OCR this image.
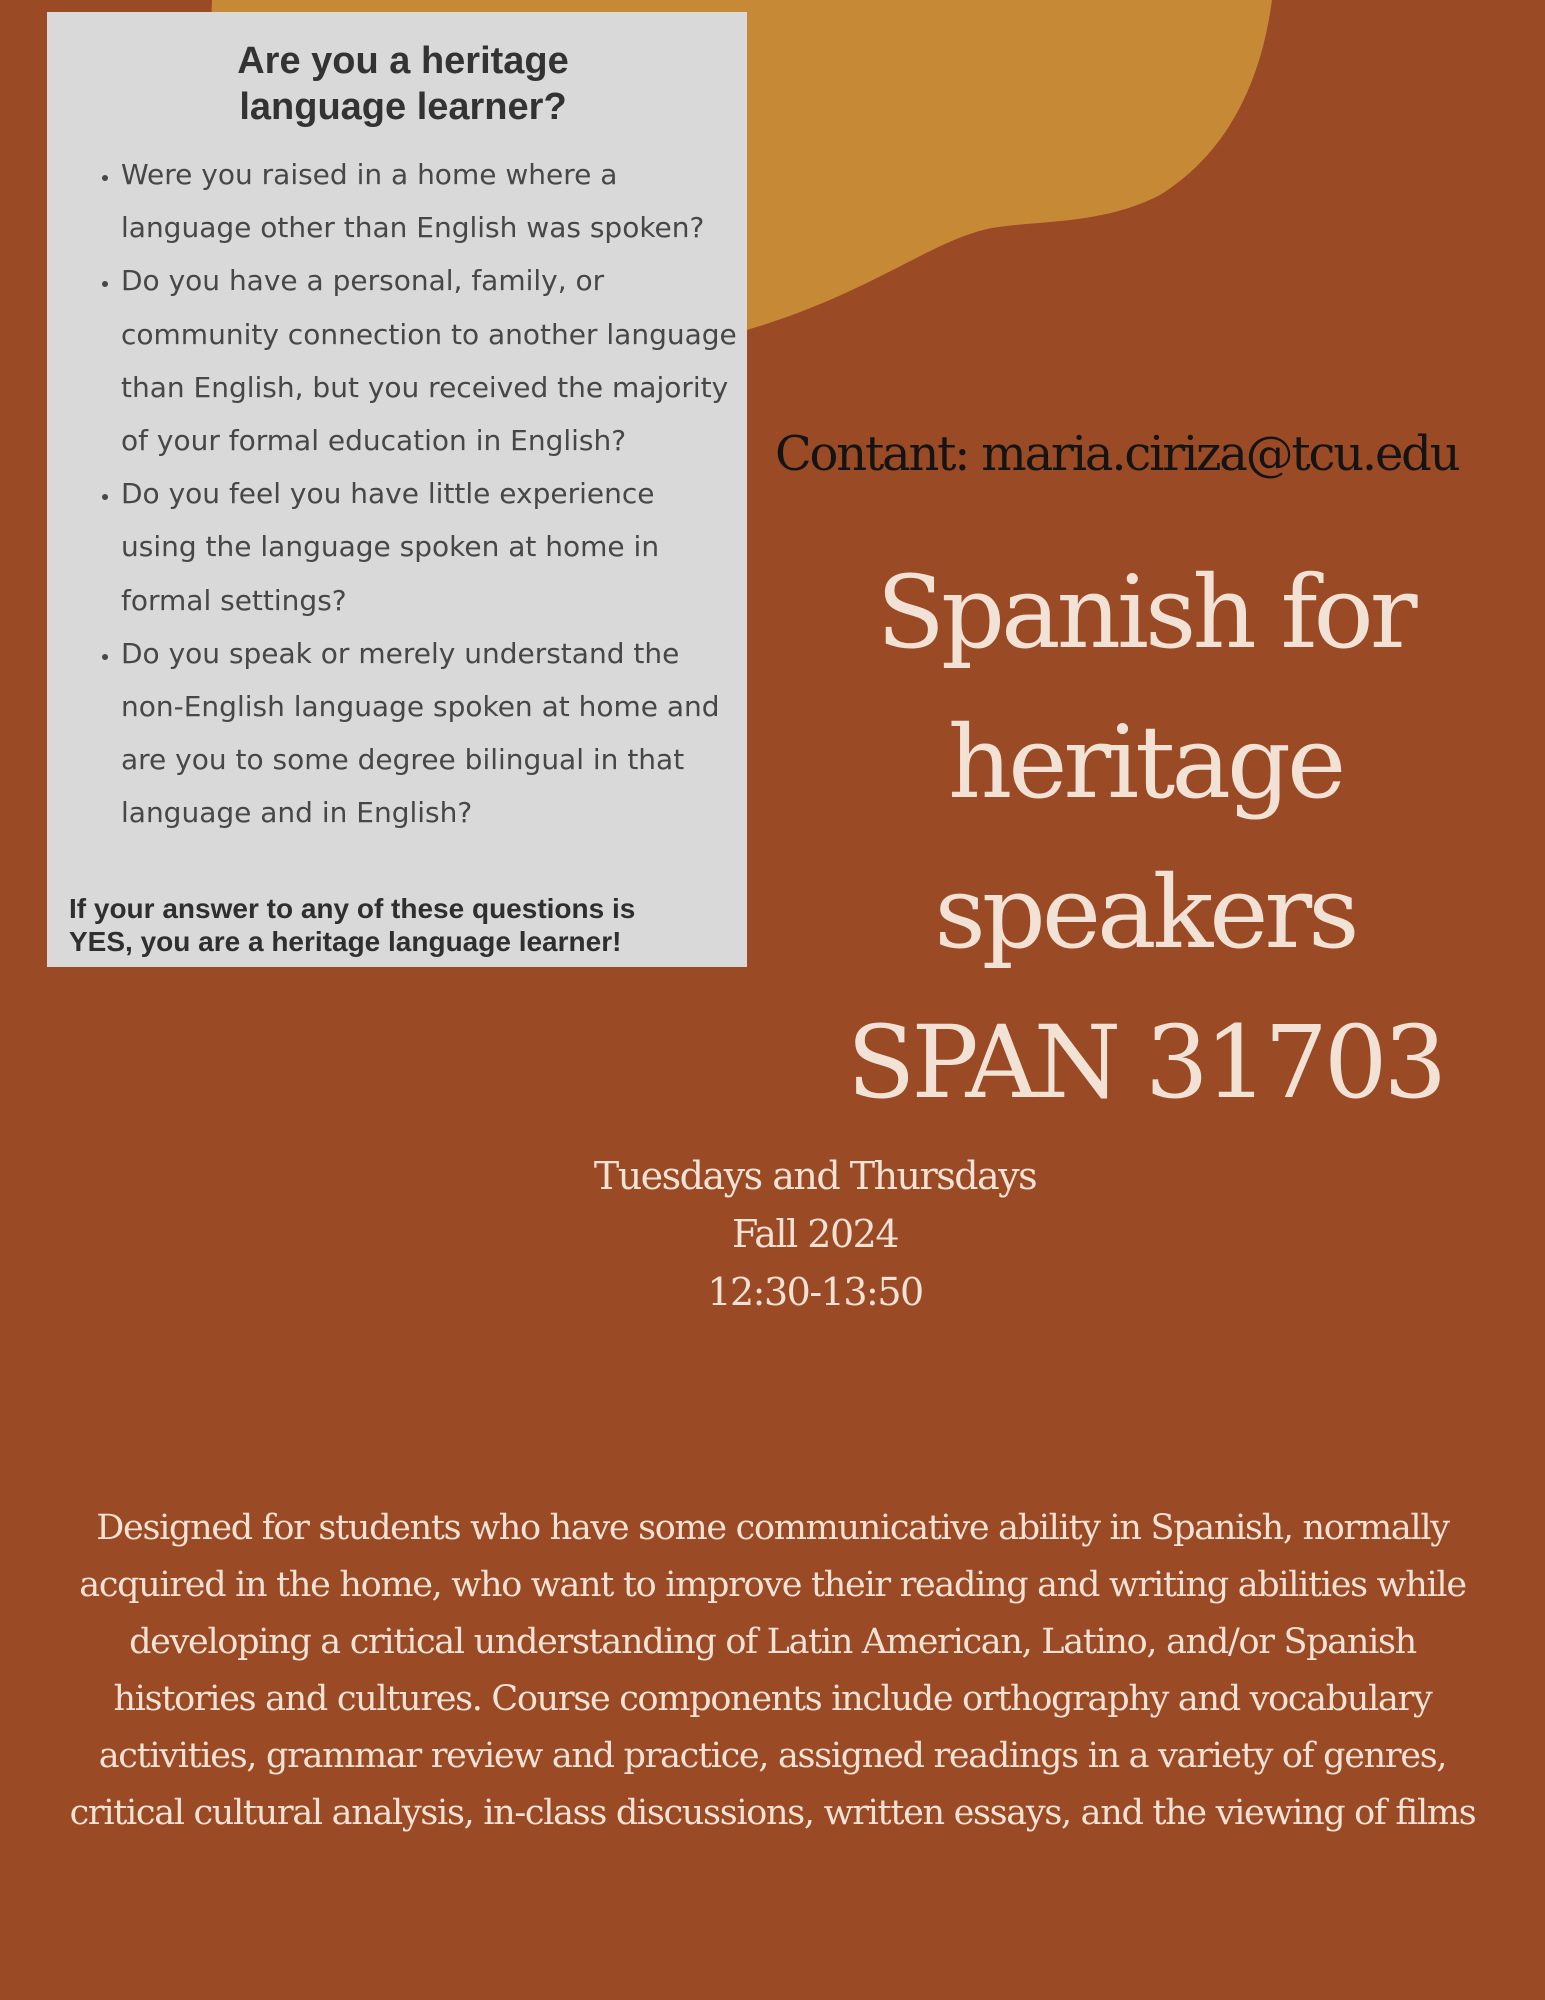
Are you a heritage
language learner?
• Were you raised in a home where a language other than English was spoken?
• Do you have a personal, family, or community connection to another language than English, but you received the majority of your formal education in English?
• Do you feel you have little experience using the language spoken at home in formal settings?
• Do you speak or merely understand the non-English language spoken at home and are you to some degree bilingual in that language and in English?
If your answer to any of these questions is
YES, you are a heritage language learner!
Contant: maria.ciriza@tcu.edu
Spanish for
heritage
speakers
SPAN 31703
Tuesdays and Thursdays
Fall 2024
12:30-13:50
Designed for students who have some communicative ability in Spanish, normally
acquired in the home, who want to improve their reading and writing abilities while
developing a critical understanding of Latin American, Latino, and/or Spanish
histories and cultures. Course components include orthography and vocabulary
activities, grammar review and practice, assigned readings in a variety of genres,
critical cultural analysis, in-class discussions, written essays, and the viewing of films
